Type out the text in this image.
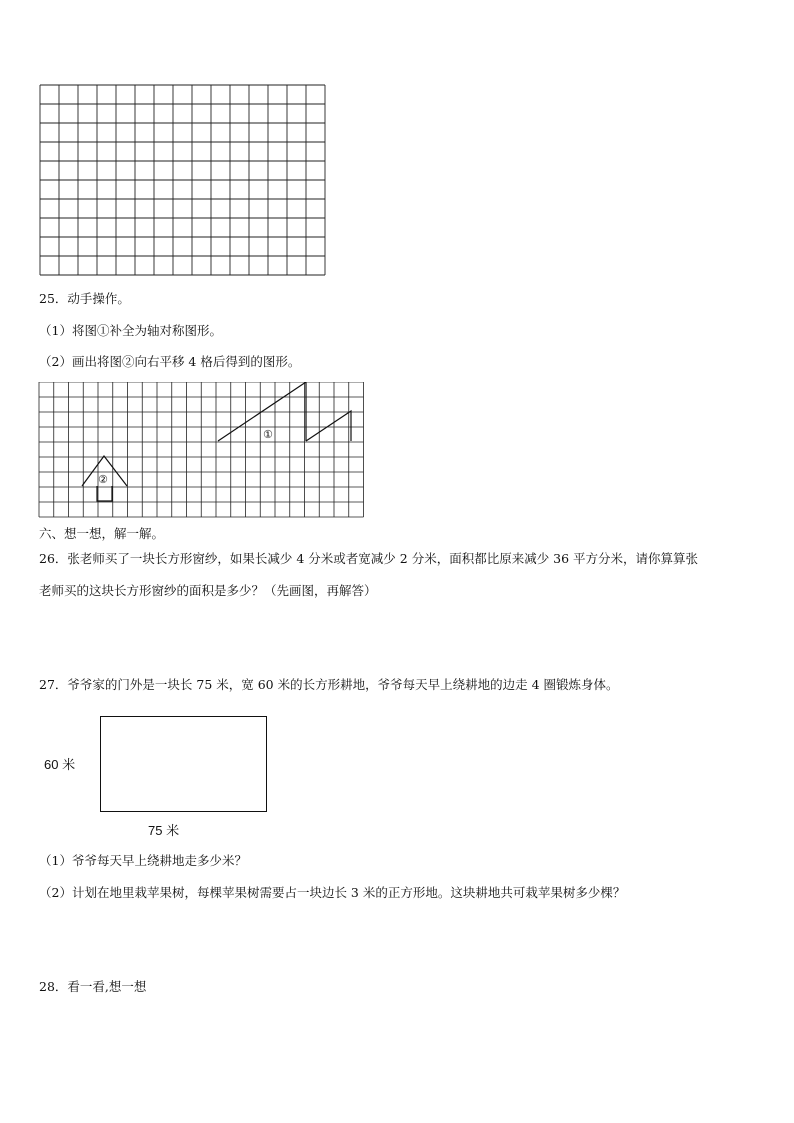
25．动手操作。
（1）将图①补全为轴对称图形。
（2）画出将图②向右平移 4 格后得到的图形。
①
②
六、想一想，解一解。
26．张老师买了一块长方形窗纱，如果长减少 4 分米或者宽减少 2 分米，面积都比原来减少 36 平方分米，请你算算张
老师买的这块长方形窗纱的面积是多少？（先画图，再解答）
27．爷爷家的门外是一块长 75 米，宽 60 米的长方形耕地，爷爷每天早上绕耕地的边走 4 圈锻炼身体。
60 米
75 米
（1）爷爷每天早上绕耕地走多少米？
（2）计划在地里栽苹果树，每棵苹果树需要占一块边长 3 米的正方形地。这块耕地共可栽苹果树多少棵？
28．看一看,想一想
